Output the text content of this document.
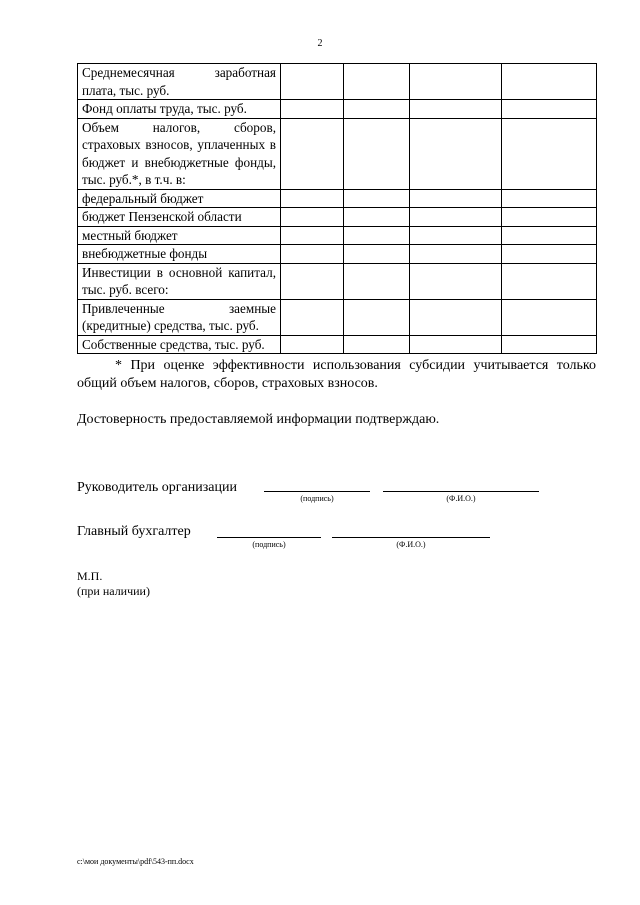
2
Среднемесячная заработная плата, тыс. руб.				
Фонд оплаты труда, тыс. руб.				
Объем налогов, сборов, страховых взносов, уплаченных в бюджет и внебюджетные фонды, тыс. руб.*, в т.ч. в:				
федеральный бюджет				
бюджет Пензенской области				
местный бюджет				
внебюджетные фонды				
Инвестиции в основной капитал, тыс. руб. всего:				
Привлеченные заемные (кредитные) средства, тыс. руб.				
Собственные средства, тыс. руб.				
* При оценке эффективности использования субсидии учитывается только общий объем налогов, сборов, страховых взносов.
Достоверность предоставляемой информации подтверждаю.
Руководитель организации
(подпись)	(Ф.И.О.)
Главный бухгалтер
(подпись)	(Ф.И.О.)
М.П.
(при наличии)
c:\мои документы\pdf\543-пп.docx
